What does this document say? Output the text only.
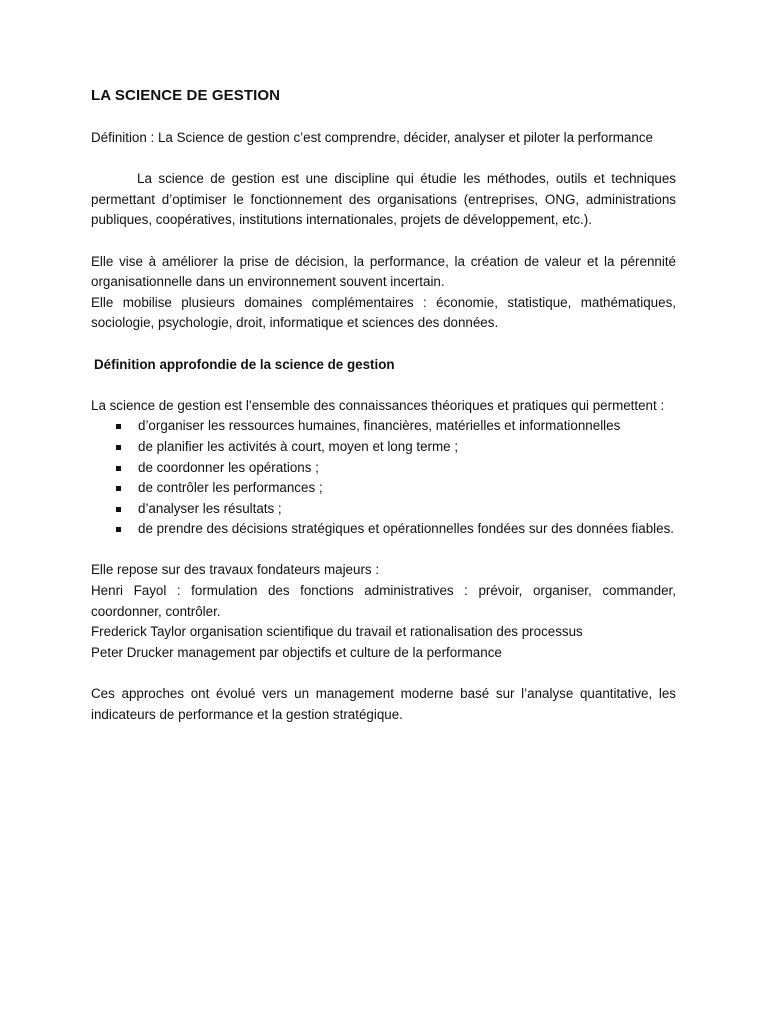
LA SCIENCE DE GESTION

Définition : La Science de gestion c’est comprendre, décider, analyser et piloter la performance

La science de gestion est une discipline qui étudie les méthodes, outils et techniques permettant d’optimiser le fonctionnement des organisations (entreprises, ONG, administrations publiques, coopératives, institutions internationales, projets de développement, etc.).

Elle vise à améliorer la prise de décision, la performance, la création de valeur et la pérennité organisationnelle dans un environnement souvent incertain.

Elle mobilise plusieurs domaines complémentaires : économie, statistique, mathématiques, sociologie, psychologie, droit, informatique et sciences des données.

Définition approfondie de la science de gestion

La science de gestion est l’ensemble des connaissances théoriques et pratiques qui permettent :

d’organiser les ressources humaines, financières, matérielles et informationnelles
de planifier les activités à court, moyen et long terme ;
de coordonner les opérations ;
de contrôler les performances ;
d’analyser les résultats ;
de prendre des décisions stratégiques et opérationnelles fondées sur des données fiables.

Elle repose sur des travaux fondateurs majeurs :

Henri Fayol : formulation des fonctions administratives : prévoir, organiser, commander, coordonner, contrôler.

Frederick Taylor organisation scientifique du travail et rationalisation des processus

Peter Drucker management par objectifs et culture de la performance

Ces approches ont évolué vers un management moderne basé sur l’analyse quantitative, les indicateurs de performance et la gestion stratégique.
